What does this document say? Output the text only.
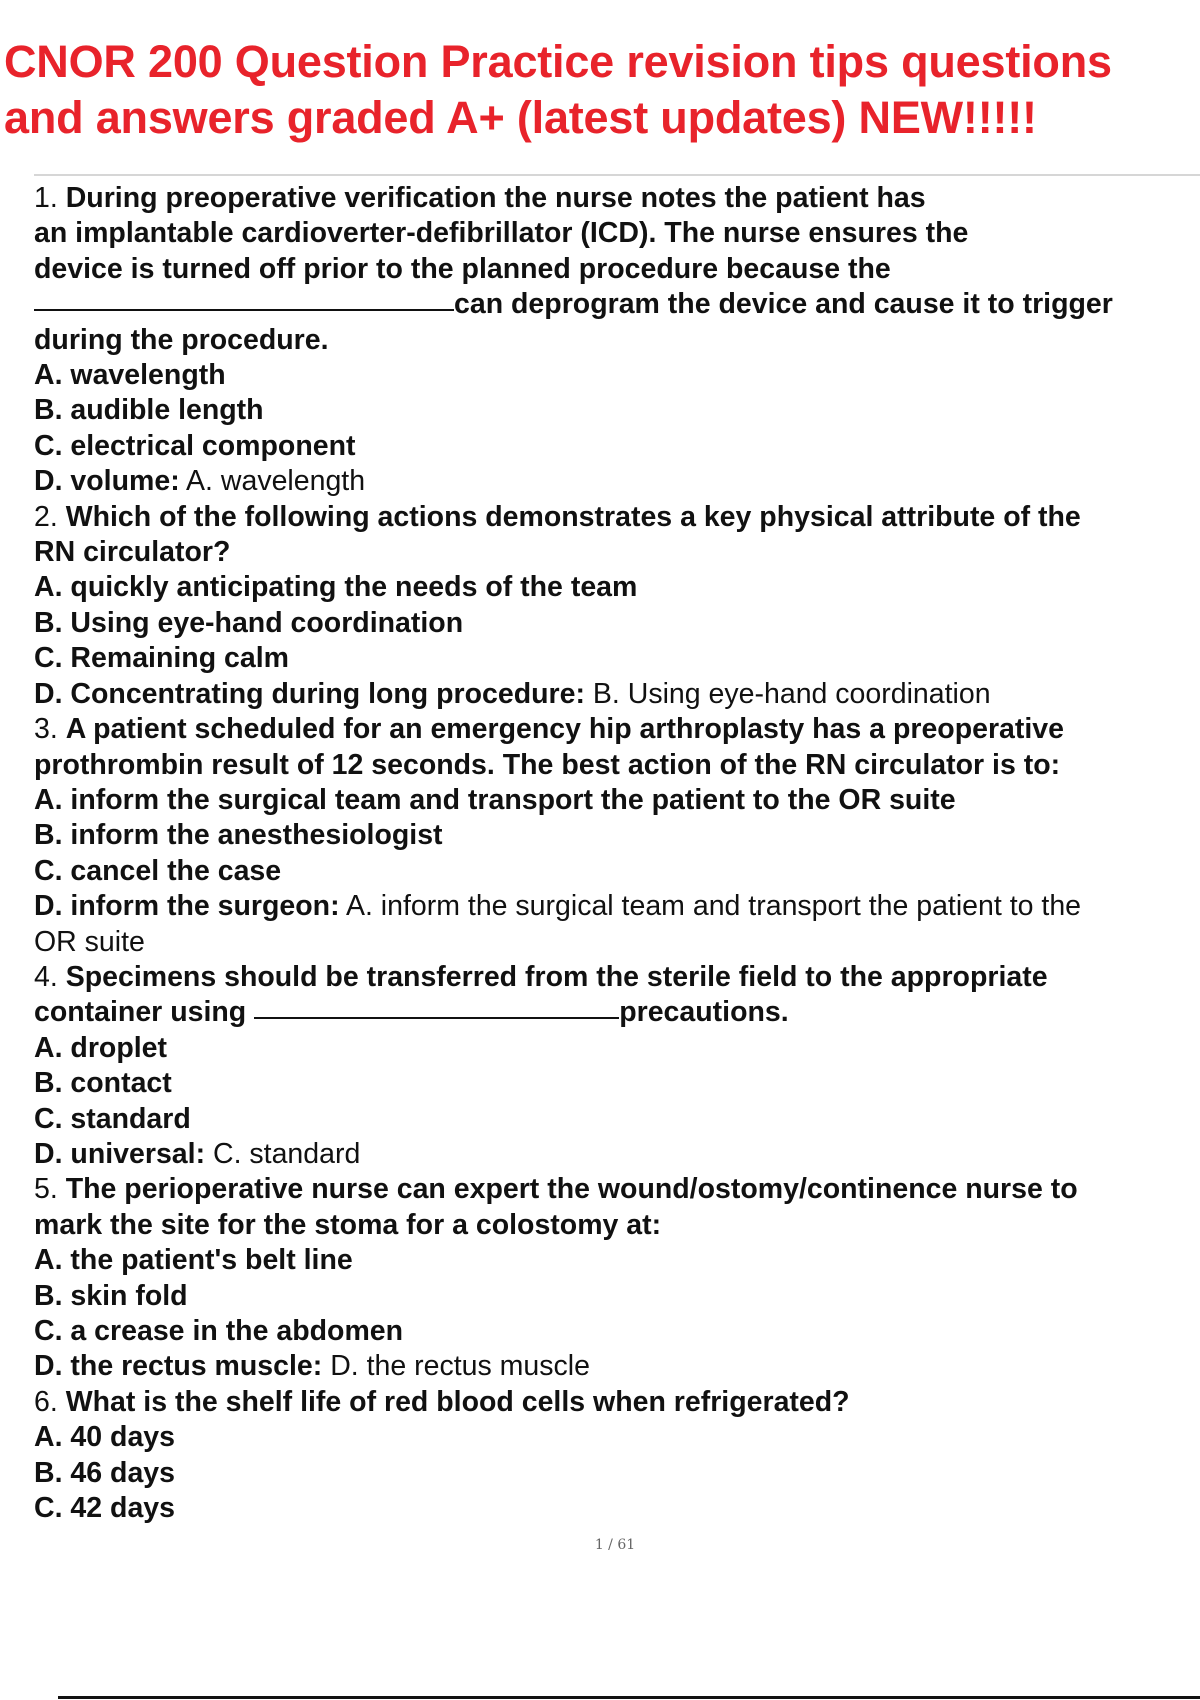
CNOR 200 Question Practice revision tips questions
and answers graded A+ (latest updates) NEW!!!!!
1. During preoperative verification the nurse notes the patient has
an implantable cardioverter-defibrillator (ICD). The nurse ensures the
device is turned off prior to the planned procedure because the
can deprogram the device and cause it to trigger
during the procedure.
A. wavelength
B. audible length
C. electrical component
D. volume: A. wavelength
2. Which of the following actions demonstrates a key physical attribute of the
RN circulator?
A. quickly anticipating the needs of the team
B. Using eye-hand coordination
C. Remaining calm
D. Concentrating during long procedure: B. Using eye-hand coordination
3. A patient scheduled for an emergency hip arthroplasty has a preoperative
prothrombin result of 12 seconds. The best action of the RN circulator is to:
A. inform the surgical team and transport the patient to the OR suite
B. inform the anesthesiologist
C. cancel the case
D. inform the surgeon: A. inform the surgical team and transport the patient to the
OR suite
4. Specimens should be transferred from the sterile field to the appropriate
container using	precautions.
A. droplet
B. contact
C. standard
D. universal: C. standard
5. The perioperative nurse can expert the wound/ostomy/continence nurse to
mark the site for the stoma for a colostomy at:
A. the patient's belt line
B. skin fold
C. a crease in the abdomen
D. the rectus muscle: D. the rectus muscle
6. What is the shelf life of red blood cells when refrigerated?
A. 40 days
B. 46 days
C. 42 days
1 / 61
